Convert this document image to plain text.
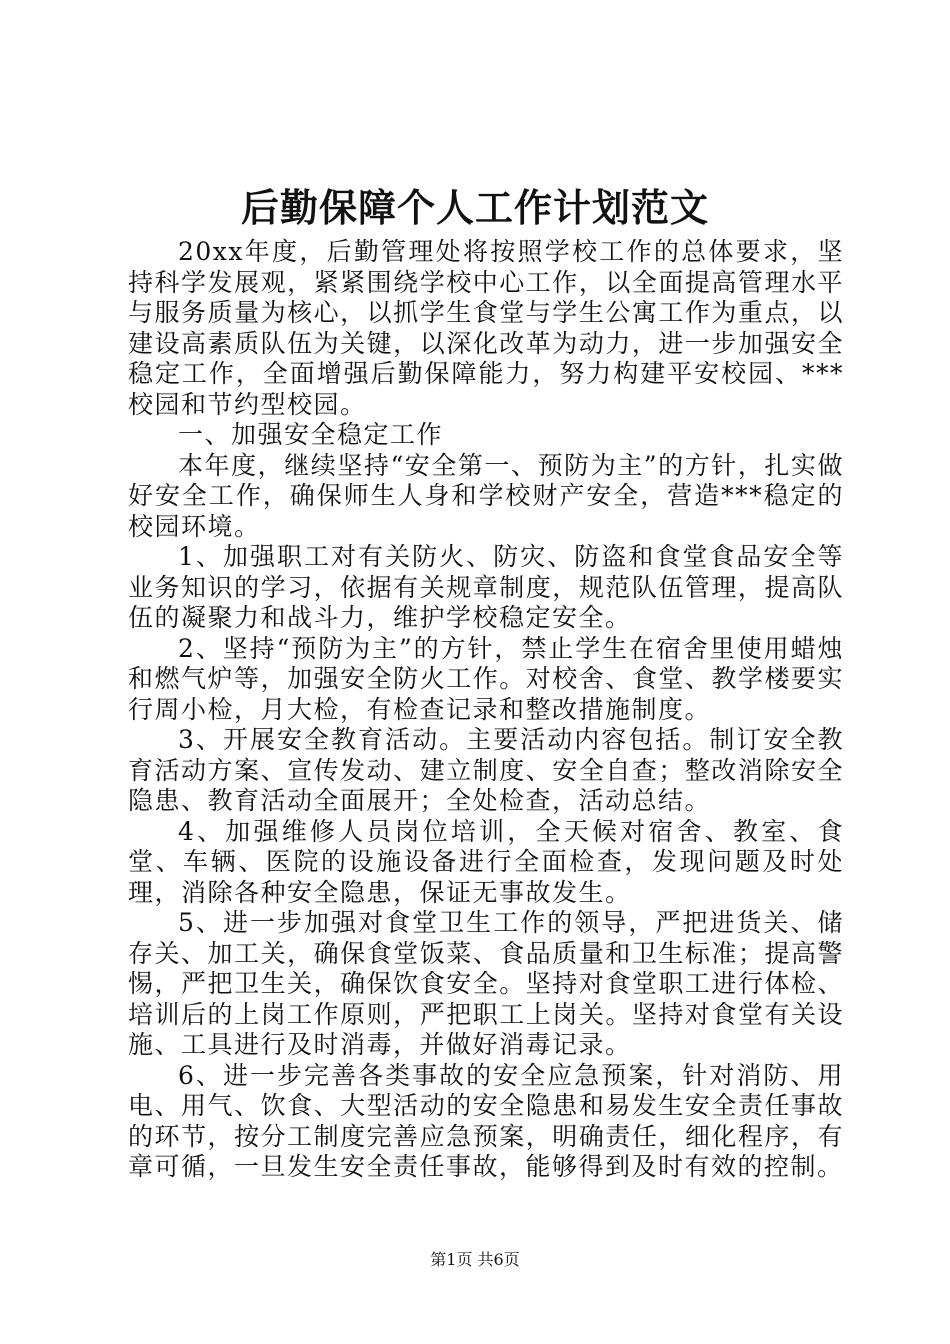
后勤保障个人工作计划范文

20xx年度，后勤管理处将按照学校工作的总体要求，坚持科学发展观，紧紧围绕学校中心工作，以全面提高管理水平与服务质量为核心，以抓学生食堂与学生公寓工作为重点，以建设高素质队伍为关键，以深化改革为动力，进一步加强安全稳定工作，全面增强后勤保障能力，努力构建平安校园、***校园和节约型校园。

一、加强安全稳定工作

本年度，继续坚持“安全第一、预防为主”的方针，扎实做好安全工作，确保师生人身和学校财产安全，营造***稳定的校园环境。

1、加强职工对有关防火、防灾、防盗和食堂食品安全等业务知识的学习，依据有关规章制度，规范队伍管理，提高队伍的凝聚力和战斗力，维护学校稳定安全。

2、坚持“预防为主”的方针，禁止学生在宿舍里使用蜡烛和燃气炉等，加强安全防火工作。对校舍、食堂、教学楼要实行周小检，月大检，有检查记录和整改措施制度。

3、开展安全教育活动。主要活动内容包括。制订安全教育活动方案、宣传发动、建立制度、安全自查；整改消除安全隐患、教育活动全面展开；全处检查，活动总结。

4、加强维修人员岗位培训，全天候对宿舍、教室、食堂、车辆、医院的设施设备进行全面检查，发现问题及时处理，消除各种安全隐患，保证无事故发生。

5、进一步加强对食堂卫生工作的领导，严把进货关、储存关、加工关，确保食堂饭菜、食品质量和卫生标准；提高警惕，严把卫生关，确保饮食安全。坚持对食堂职工进行体检、培训后的上岗工作原则，严把职工上岗关。坚持对食堂有关设施、工具进行及时消毒，并做好消毒记录。

6、进一步完善各类事故的安全应急预案，针对消防、用电、用气、饮食、大型活动的安全隐患和易发生安全责任事故的环节，按分工制度完善应急预案，明确责任，细化程序，有章可循，一旦发生安全责任事故，能够得到及时有效的控制。

第1页 共6页
